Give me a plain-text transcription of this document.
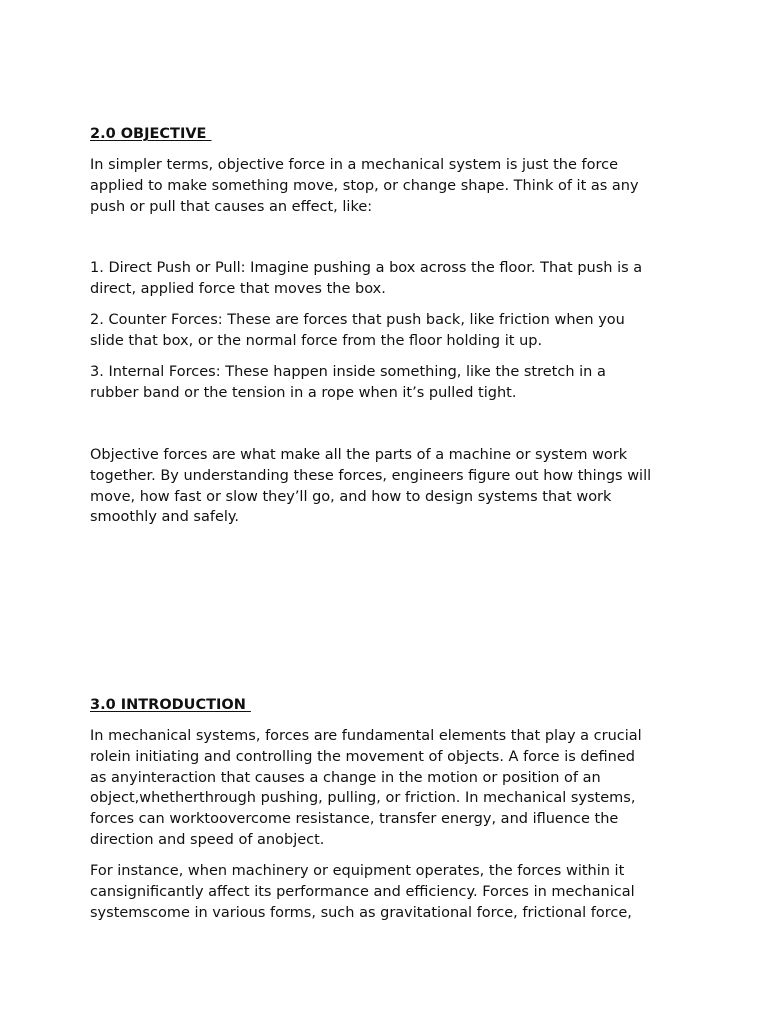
2.0 OBJECTIVE

In simpler terms, objective force in a mechanical system is just the force
applied to make something move, stop, or change shape. Think of it as any
push or pull that causes an effect, like:

1. Direct Push or Pull: Imagine pushing a box across the floor. That push is a
direct, applied force that moves the box.

2. Counter Forces: These are forces that push back, like friction when you
slide that box, or the normal force from the floor holding it up.

3. Internal Forces: These happen inside something, like the stretch in a
rubber band or the tension in a rope when it’s pulled tight.

Objective forces are what make all the parts of a machine or system work
together. By understanding these forces, engineers figure out how things will
move, how fast or slow they’ll go, and how to design systems that work
smoothly and safely.

3.0 INTRODUCTION

In mechanical systems, forces are fundamental elements that play a crucial
rolein initiating and controlling the movement of objects. A force is defined
as anyinteraction that causes a change in the motion or position of an
object,whetherthrough pushing, pulling, or friction. In mechanical systems,
forces can worktoovercome resistance, transfer energy, and ifluence the
direction and speed of anobject.

For instance, when machinery or equipment operates, the forces within it
cansignificantly affect its performance and efficiency. Forces in mechanical
systemscome in various forms, such as gravitational force, frictional force,
